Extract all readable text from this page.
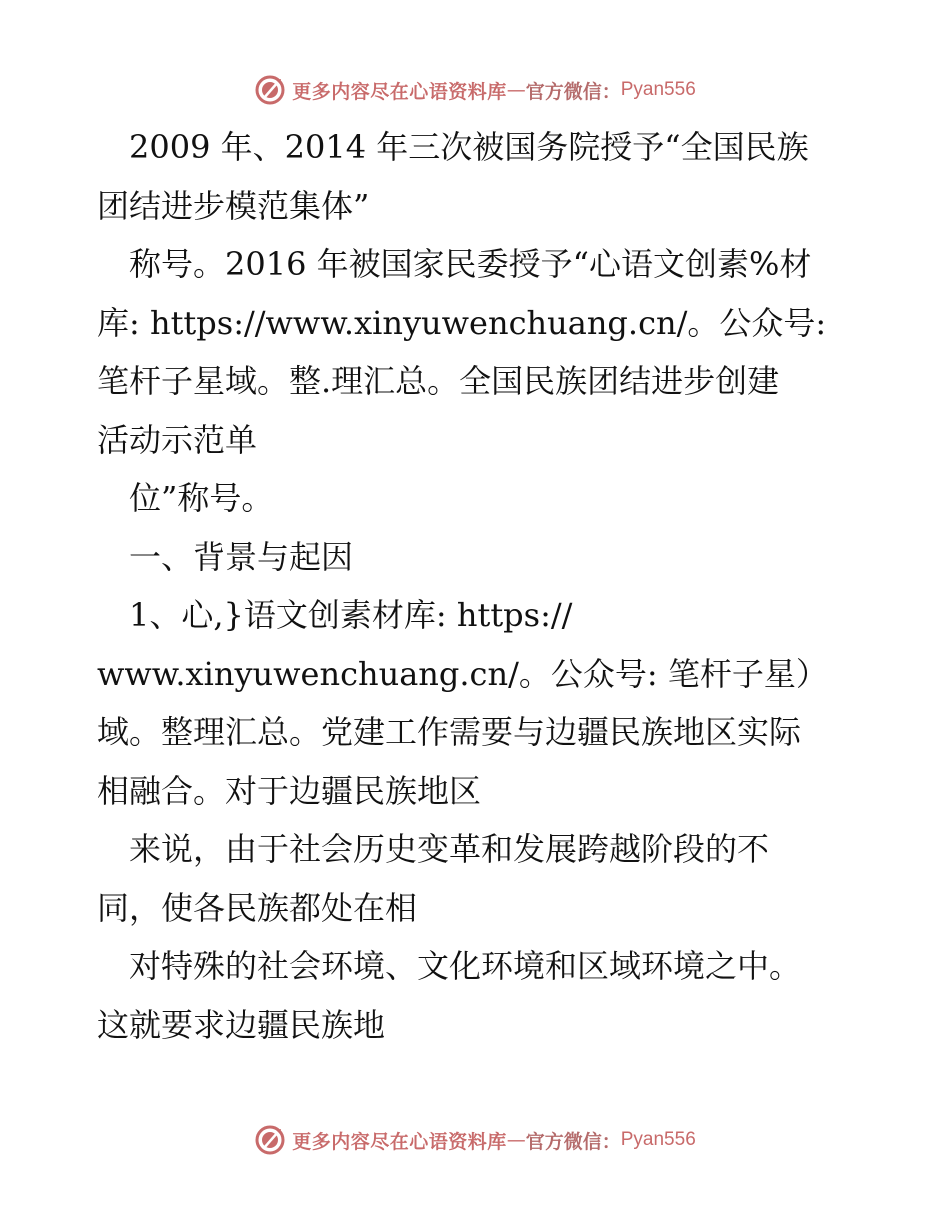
更多内容尽在心语资料库 — 官方微信： Pyan556

　2009 年、2014 年三次被国务院授予“全国民族

团结进步模范集体”

　称号。2016 年被国家民委授予“心语文创素%材

库: https://www.xinyuwenchuang.cn/。公众号:

笔杆子星域。整.理汇总。全国民族团结进步创建

活动示范单

　位”称号。

　一、背景与起因

　1、心,}语文创素材库: https://

www.xinyuwenchuang.cn/。公众号: 笔杆子星）

域。整理汇总。党建工作需要与边疆民族地区实际

相融合。对于边疆民族地区

　来说，由于社会历史变革和发展跨越阶段的不

同，使各民族都处在相

　对特殊的社会环境、文化环境和区域环境之中。

这就要求边疆民族地

更多内容尽在心语资料库 — 官方微信： Pyan556
